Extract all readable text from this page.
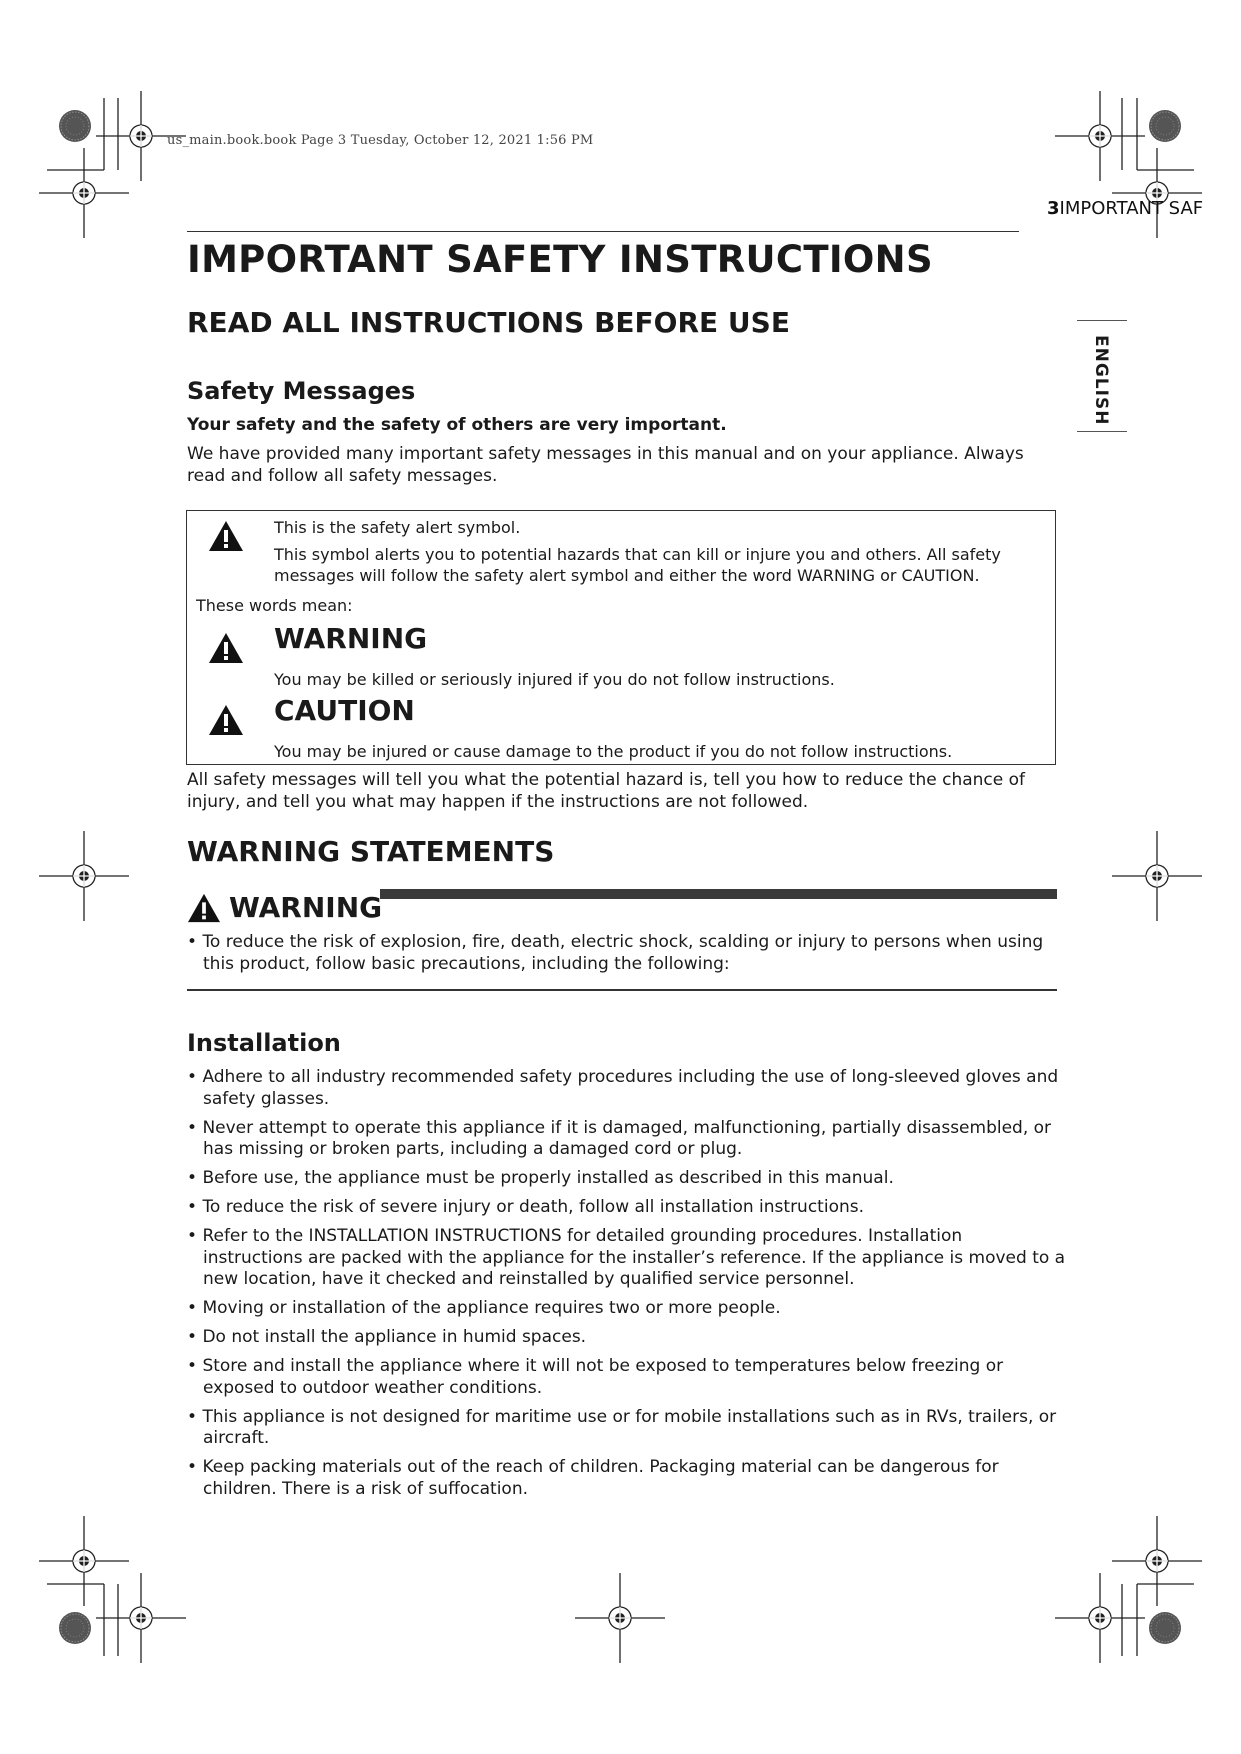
us_main.book.book Page 3 Tuesday, October 12, 2021 1:56 PM
3IMPORTANT SAF
ENGLISH
IMPORTANT SAFETY INSTRUCTIONS
READ ALL INSTRUCTIONS BEFORE USE
Safety Messages
Your safety and the safety of others are very important.
We have provided many important safety messages in this manual and on your appliance. Always read and follow all safety messages.
This is the safety alert symbol.
This symbol alerts you to potential hazards that can kill or injure you and others. All safety messages will follow the safety alert symbol and either the word WARNING or CAUTION.
These words mean:
WARNING
You may be killed or seriously injured if you do not follow instructions.
CAUTION
You may be injured or cause damage to the product if you do not follow instructions.
All safety messages will tell you what the potential hazard is, tell you how to reduce the chance of injury, and tell you what may happen if the instructions are not followed.
WARNING STATEMENTS
WARNING
• To reduce the risk of explosion, fire, death, electric shock, scalding or injury to persons when using this product, follow basic precautions, including the following:
Installation
• Adhere to all industry recommended safety procedures including the use of long-sleeved gloves and safety glasses.
• Never attempt to operate this appliance if it is damaged, malfunctioning, partially disassembled, or has missing or broken parts, including a damaged cord or plug.
• Before use, the appliance must be properly installed as described in this manual.
• To reduce the risk of severe injury or death, follow all installation instructions.
• Refer to the INSTALLATION INSTRUCTIONS for detailed grounding procedures. Installation instructions are packed with the appliance for the installer’s reference. If the appliance is moved to a new location, have it checked and reinstalled by qualified service personnel.
• Moving or installation of the appliance requires two or more people.
• Do not install the appliance in humid spaces.
• Store and install the appliance where it will not be exposed to temperatures below freezing or exposed to outdoor weather conditions.
• This appliance is not designed for maritime use or for mobile installations such as in RVs, trailers, or aircraft.
• Keep packing materials out of the reach of children. Packaging material can be dangerous for children. There is a risk of suffocation.
